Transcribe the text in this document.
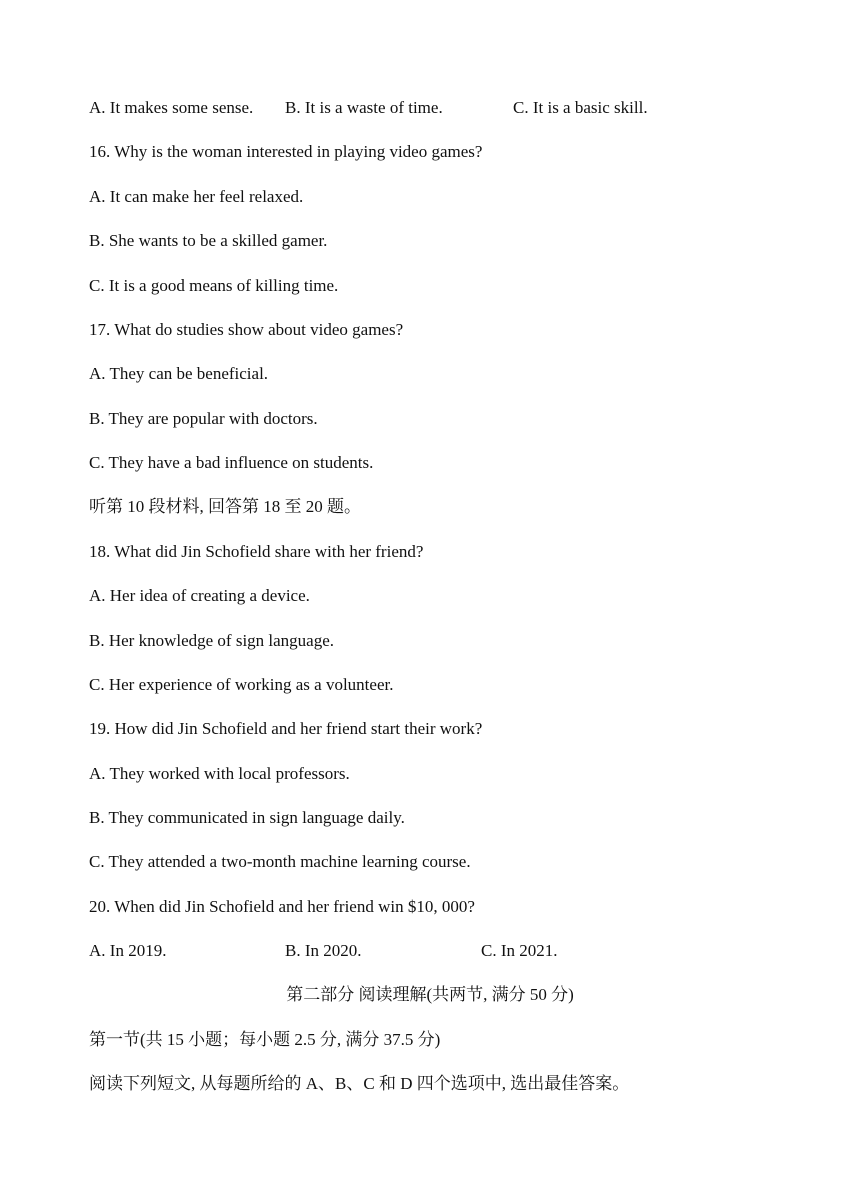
A. It makes some sense. B. It is a waste of time.	C. It is a basic skill.
16. Why is the woman interested in playing video games?
A. It can make her feel relaxed.
B. She wants to be a skilled gamer.
C. It is a good means of killing time.
17. What do studies show about video games?
A. They can be beneficial.
B. They are popular with doctors.
C. They have a bad influence on students.
听第 10 段材料, 回答第 18 至 20 题。
18. What did Jin Schofield share with her friend?
A. Her idea of creating a device.
B. Her knowledge of sign language.
C. Her experience of working as a volunteer.
19. How did Jin Schofield and her friend start their work?
A. They worked with local professors.
B. They communicated in sign language daily.
C. They attended a two-month machine learning course.
20. When did Jin Schofield and her friend win $10, 000?
A. In 2019.	B. In 2020.	C. In 2021.
第二部分 阅读理解(共两节, 满分 50 分)
第一节(共 15 小题；每小题 2.5 分, 满分 37.5 分)
阅读下列短文, 从每题所给的 A、B、C 和 D 四个选项中, 选出最佳答案。
